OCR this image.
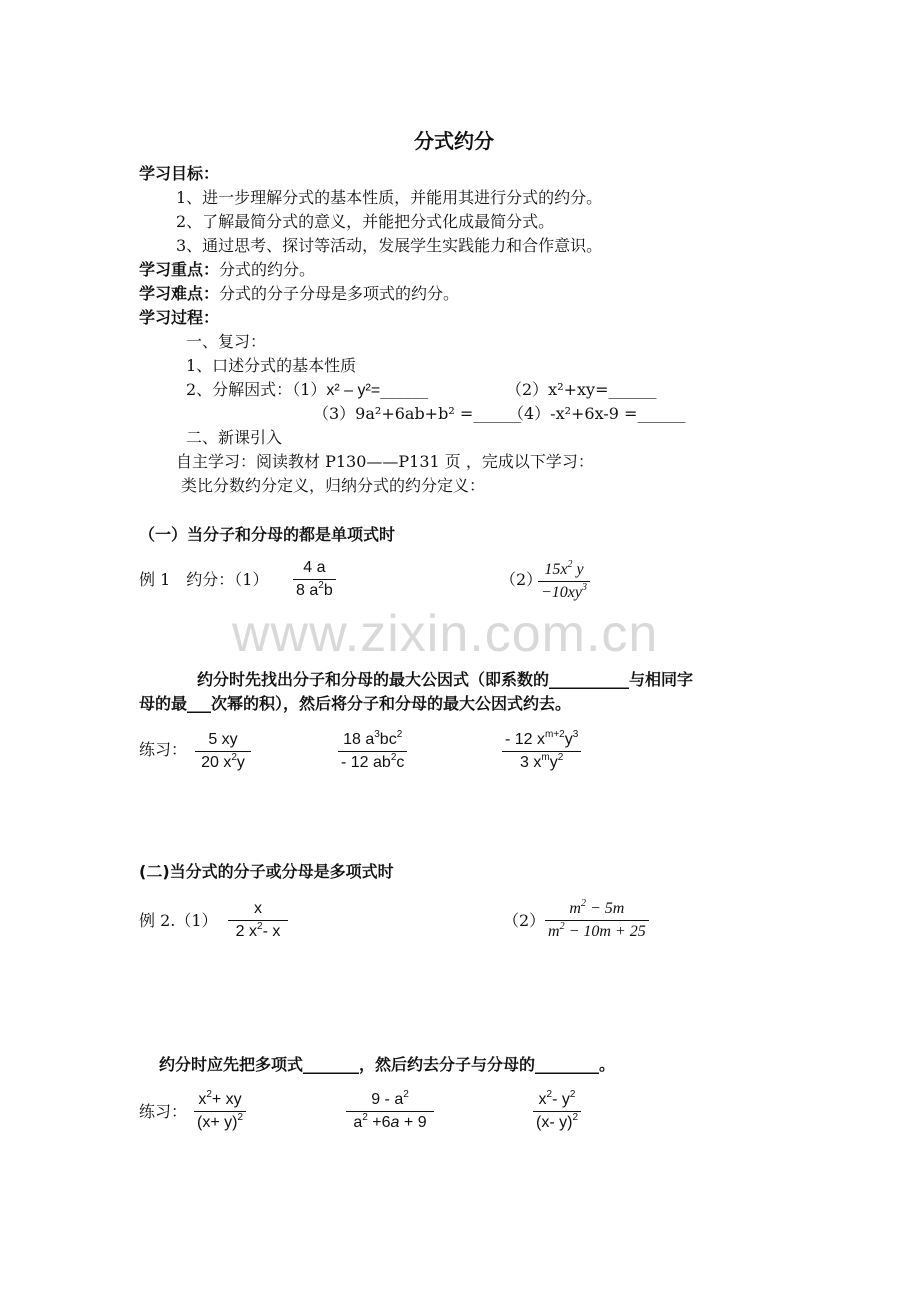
分式约分
学习目标：
1、进一步理解分式的基本性质，并能用其进行分式的约分。
2、了解最简分式的意义，并能把分式化成最简分式。
3、通过思考、探讨等活动，发展学生实践能力和合作意识。
学习重点：分式的约分。
学习难点：分式的分子分母是多项式的约分。
学习过程：
一、复习：
1、口述分式的基本性质
2、分解因式：（1）x² – y²=______	（2）x²+xy=______
（3）9a²+6ab+b² =______
（4）-x²+6x-9 =______
二、新课引入
自主学习：阅读教材 P130——P131 页 ，完成以下学习：
类比分数约分定义，归纳分式的约分定义：
（一）当分子和分母的都是单项式时
例 1　约分：（1）
4 a
8 $a^2b$
（2）
$15x^2$ y
$-10xy^3$
www.zixin.com.cn
约分时先找出分子和分母的最大公因式（即系数的__________与相同字
母的最___次幂的积），然后将分子和分母的最大公因式约去。
练习：
5 xy
20 $x^2y$
18 $a^3bc^2$
- 12 $ab^2c$
- 12 $x^{m+2}y^3$
3 $x^my^2$
(二)当分式的分子或分母是多项式时
例 2.（1）
x
2 $x^2-$ x
（2）
$m^2 - 5m$
$m^2 - 10m + 25$
约分时应先把多项式_______，然后约去分子与分母的________。
练习：
$x^2+$ xy
$(x+ y)^2$
$9 - a^2$
$a^2 +6a + 9$
$x^2-$ $y^2$
(x- y)$^2$
